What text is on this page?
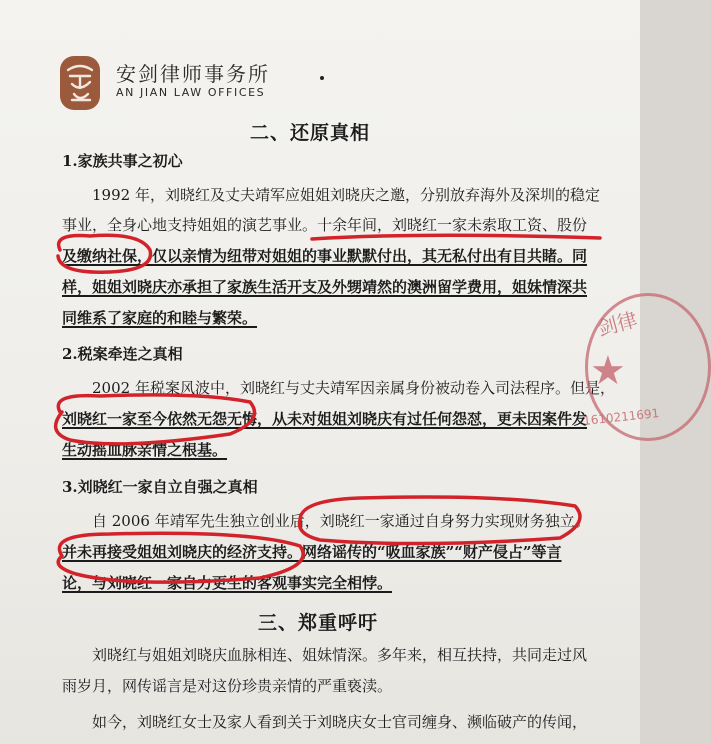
安剑律师事务所
AN JIAN LAW OFFICES
二、还原真相
1.家族共事之初心
1992 年，刘晓红及丈夫靖军应姐姐刘晓庆之邀，分别放弃海外及深圳的稳定
事业，全身心地支持姐姐的演艺事业。十余年间，刘晓红一家未索取工资、股份
及缴纳社保，仅以亲情为纽带对姐姐的事业默默付出，其无私付出有目共睹。同
样，姐姐刘晓庆亦承担了家族生活开支及外甥靖然的澳洲留学费用，姐妹情深共
同维系了家庭的和睦与繁荣。
2.税案牵连之真相
2002 年税案风波中，刘晓红与丈夫靖军因亲属身份被动卷入司法程序。但是，
刘晓红一家至今依然无怨无悔，从未对姐姐刘晓庆有过任何怨怼，更未因案件发
生动摇血脉亲情之根基。
3.刘晓红一家自立自强之真相
自 2006 年靖军先生独立创业后，刘晓红一家通过自身努力实现财务独立。
并未再接受姐姐刘晓庆的经济支持。网络谣传的“吸血家族”“财产侵占”等言
论，与刘晓红一家自力更生的客观事实完全相悖。
三、郑重呼吁
刘晓红与姐姐刘晓庆血脉相连、姐妹情深。多年来，相互扶持，共同走过风
雨岁月，网传谣言是对这份珍贵亲情的严重亵渎。
如今，刘晓红女士及家人看到关于刘晓庆女士官司缠身、濒临破产的传闻，
剑律
★
1610211691
